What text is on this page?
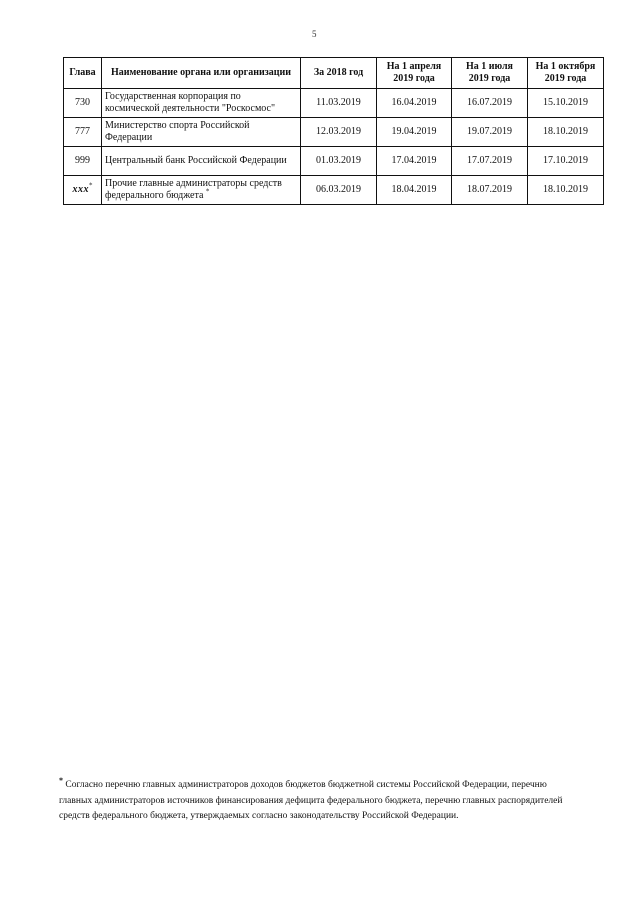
5
Глава	Наименование органа или организации	За 2018 год	На 1 апреля 2019 года	На 1 июля 2019 года	На 1 октября 2019 года
730	Государственная корпорация по космической деятельности "Роскосмос"	11.03.2019	16.04.2019	16.07.2019	15.10.2019
777	Министерство спорта Российской Федерации	12.03.2019	19.04.2019	19.07.2019	18.10.2019
999	Центральный банк Российской Федерации	01.03.2019	17.04.2019	17.07.2019	17.10.2019
xxx*	Прочие главные администраторы средств федерального бюджета *	06.03.2019	18.04.2019	18.07.2019	18.10.2019
* Согласно перечню главных администраторов доходов бюджетов бюджетной системы Российской Федерации, перечню главных администраторов источников финансирования дефицита федерального бюджета, перечню главных распорядителей средств федерального бюджета, утверждаемых согласно законодательству Российской Федерации.
